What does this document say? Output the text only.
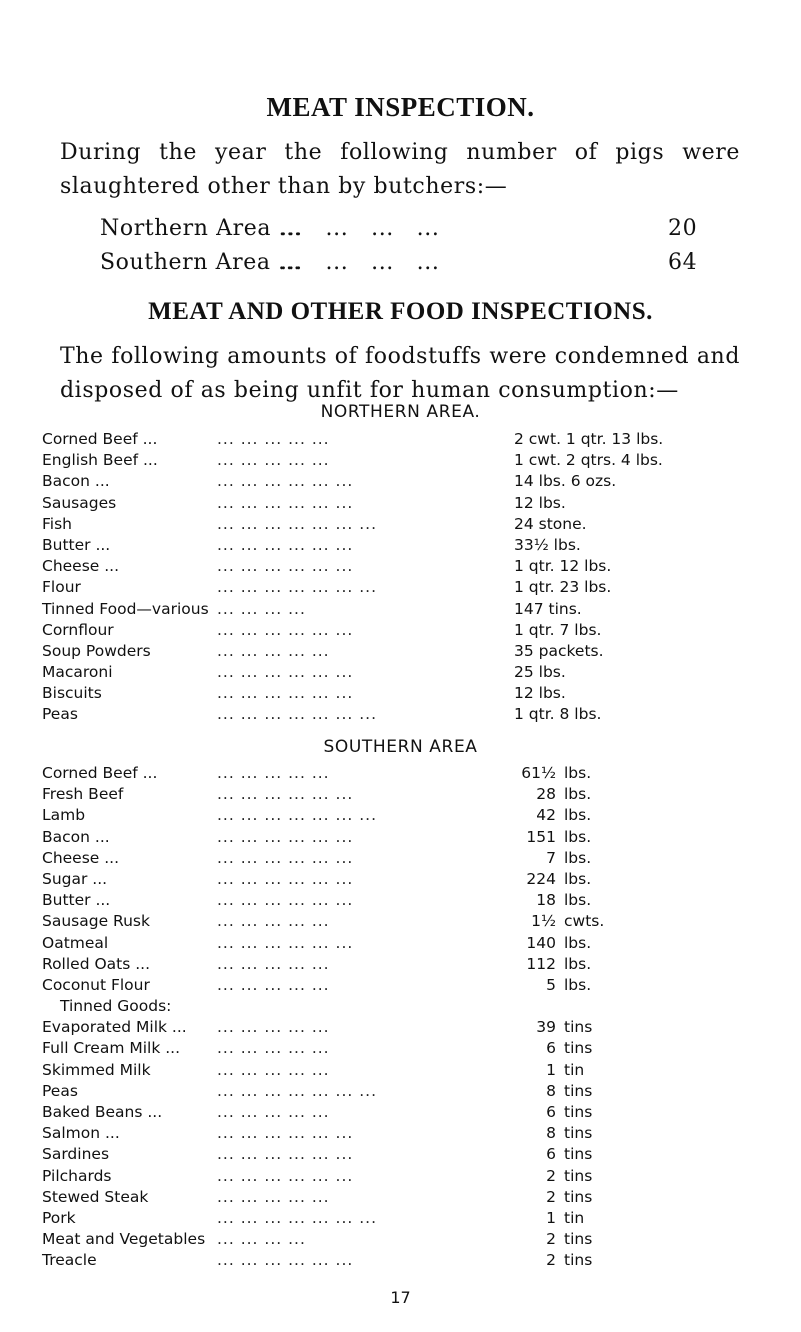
MEAT INSPECTION.
During the year the following number of pigs were slaughtered other than by butchers:—
Northern Area ...
...   ...   ...   ...	20
Southern Area ...
...   ...   ...   ...	64
MEAT AND OTHER FOOD INSPECTIONS.
The following amounts of foodstuffs were condemned and disposed of as being unfit for human consumption:—
NORTHERN AREA.
Corned Beef ...	... ... ... ... ...	2 cwt. 1 qtr. 13 lbs.
English Beef ...	... ... ... ... ...	1 cwt. 2 qtrs. 4 lbs.
Bacon ...	... ... ... ... ... ...	14 lbs. 6 ozs.
Sausages	... ... ... ... ... ...	12 lbs.
Fish	... ... ... ... ... ... ...	24 stone.
Butter ...	... ... ... ... ... ...	33½ lbs.
Cheese ...	... ... ... ... ... ...	1 qtr. 12 lbs.
Flour	... ... ... ... ... ... ...	1 qtr. 23 lbs.
Tinned Food—various ... ... ... ...	147 tins.
Cornflour	... ... ... ... ... ...	1 qtr. 7 lbs.
Soup Powders	... ... ... ... ...	35 packets.
Macaroni	... ... ... ... ... ...	25 lbs.
Biscuits	... ... ... ... ... ...	12 lbs.
Peas	... ... ... ... ... ... ...	1 qtr. 8 lbs.
SOUTHERN AREA
Corned Beef ...	... ... ... ... ...	61½ lbs.
Fresh Beef	... ... ... ... ... ...	28 lbs.
Lamb	... ... ... ... ... ... ...	42 lbs.
Bacon ...	... ... ... ... ... ...	151 lbs.
Cheese ...	... ... ... ... ... ...	7 lbs.
Sugar ...	... ... ... ... ... ...	224 lbs.
Butter ...	... ... ... ... ... ...	18 lbs.
Sausage Rusk	... ... ... ... ...	1½ cwts.
Oatmeal	... ... ... ... ... ...	140 lbs.
Rolled Oats ...	... ... ... ... ...	112 lbs.
Coconut Flour	... ... ... ... ...	5 lbs.
Tinned Goods:
Evaporated Milk ... ... ... ... ... ...	39 tins
Full Cream Milk ... ... ... ... ... ...	6 tins
Skimmed Milk	... ... ... ... ...	1 tin
Peas	... ... ... ... ... ... ...	8 tins
Baked Beans ...	... ... ... ... ...	6 tins
Salmon ...	... ... ... ... ... ...	8 tins
Sardines	... ... ... ... ... ...	6 tins
Pilchards	... ... ... ... ... ...	2 tins
Stewed Steak	... ... ... ... ...	2 tins
Pork	... ... ... ... ... ... ...	1 tin
Meat and Vegetables ... ... ... ...	2 tins
Treacle	... ... ... ... ... ...	2 tins
17
